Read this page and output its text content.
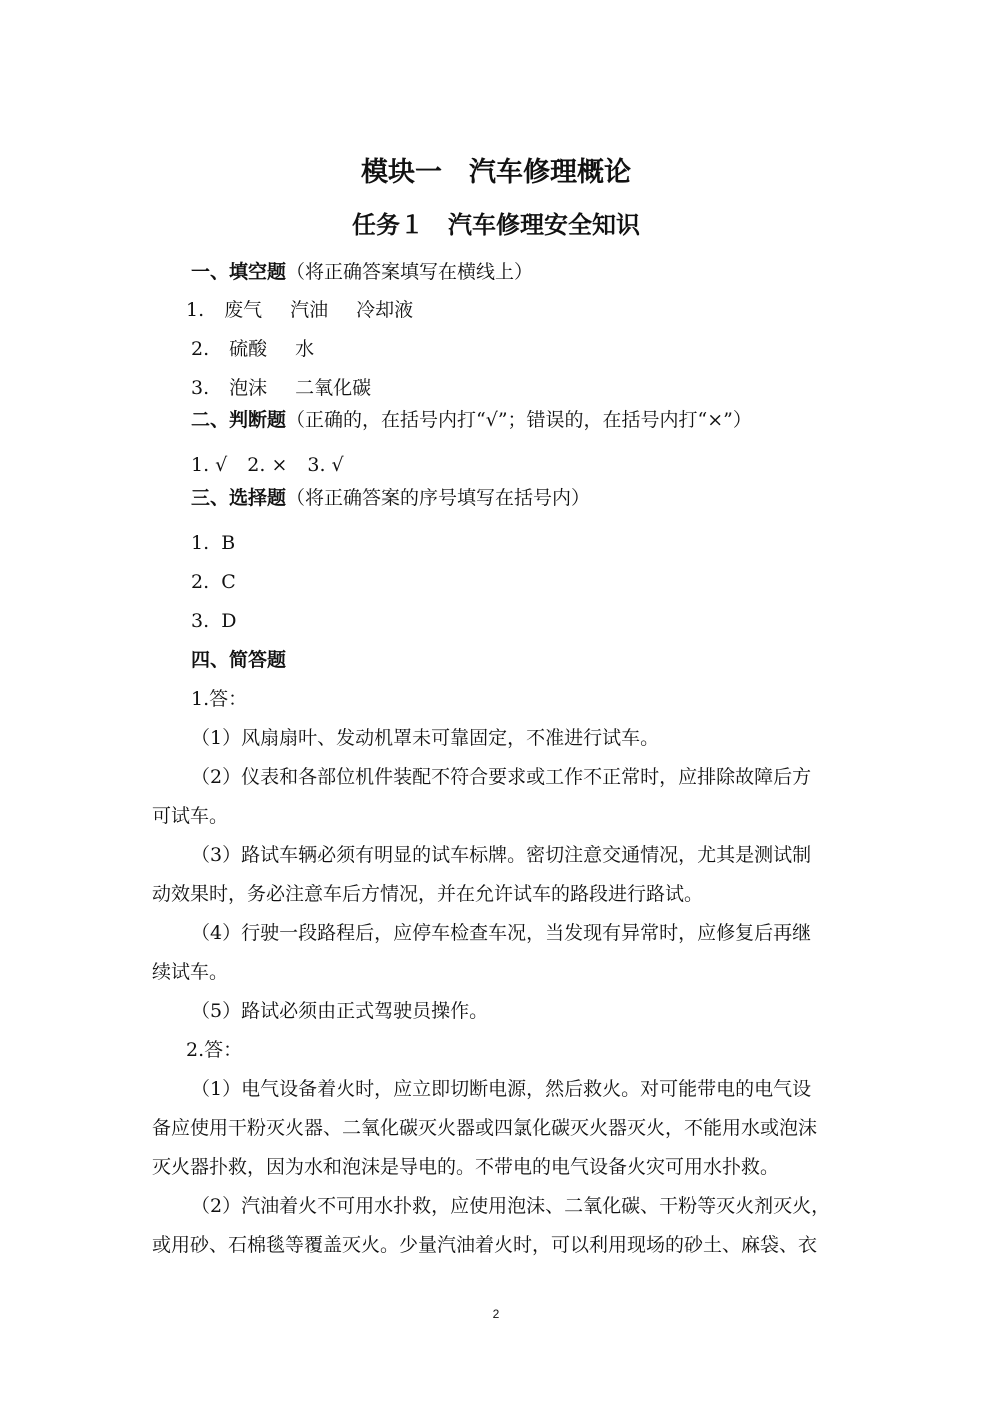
模块一　汽车修理概论
任务１　汽车修理安全知识
一、填空题（将正确答案填写在横线上）
1. 废气 汽油 冷却液
2. 硫酸 水
3. 泡沫 二氧化碳
二、判断题（正确的，在括号内打“√”；错误的，在括号内打“×”）
1. √ 2. × 3. √
三、选择题（将正确答案的序号填写在括号内）
1.  B
2.  C
3.  D
四、简答题
1.答：
（1）风扇扇叶、发动机罩未可靠固定，不准进行试车。
（2）仪表和各部位机件装配不符合要求或工作不正常时，应排除故障后方
可试车。
（3）路试车辆必须有明显的试车标牌。密切注意交通情况，尤其是测试制
动效果时，务必注意车后方情况，并在允许试车的路段进行路试。
（4）行驶一段路程后，应停车检查车况，当发现有异常时，应修复后再继
续试车。
（5）路试必须由正式驾驶员操作。
2.答：
（1）电气设备着火时，应立即切断电源，然后救火。对可能带电的电气设
备应使用干粉灭火器、二氧化碳灭火器或四氯化碳灭火器灭火，不能用水或泡沫
灭火器扑救，因为水和泡沫是导电的。不带电的电气设备火灾可用水扑救。
（2）汽油着火不可用水扑救，应使用泡沫、二氧化碳、干粉等灭火剂灭火，
或用砂、石棉毯等覆盖灭火。少量汽油着火时，可以利用现场的砂土、麻袋、衣
2
